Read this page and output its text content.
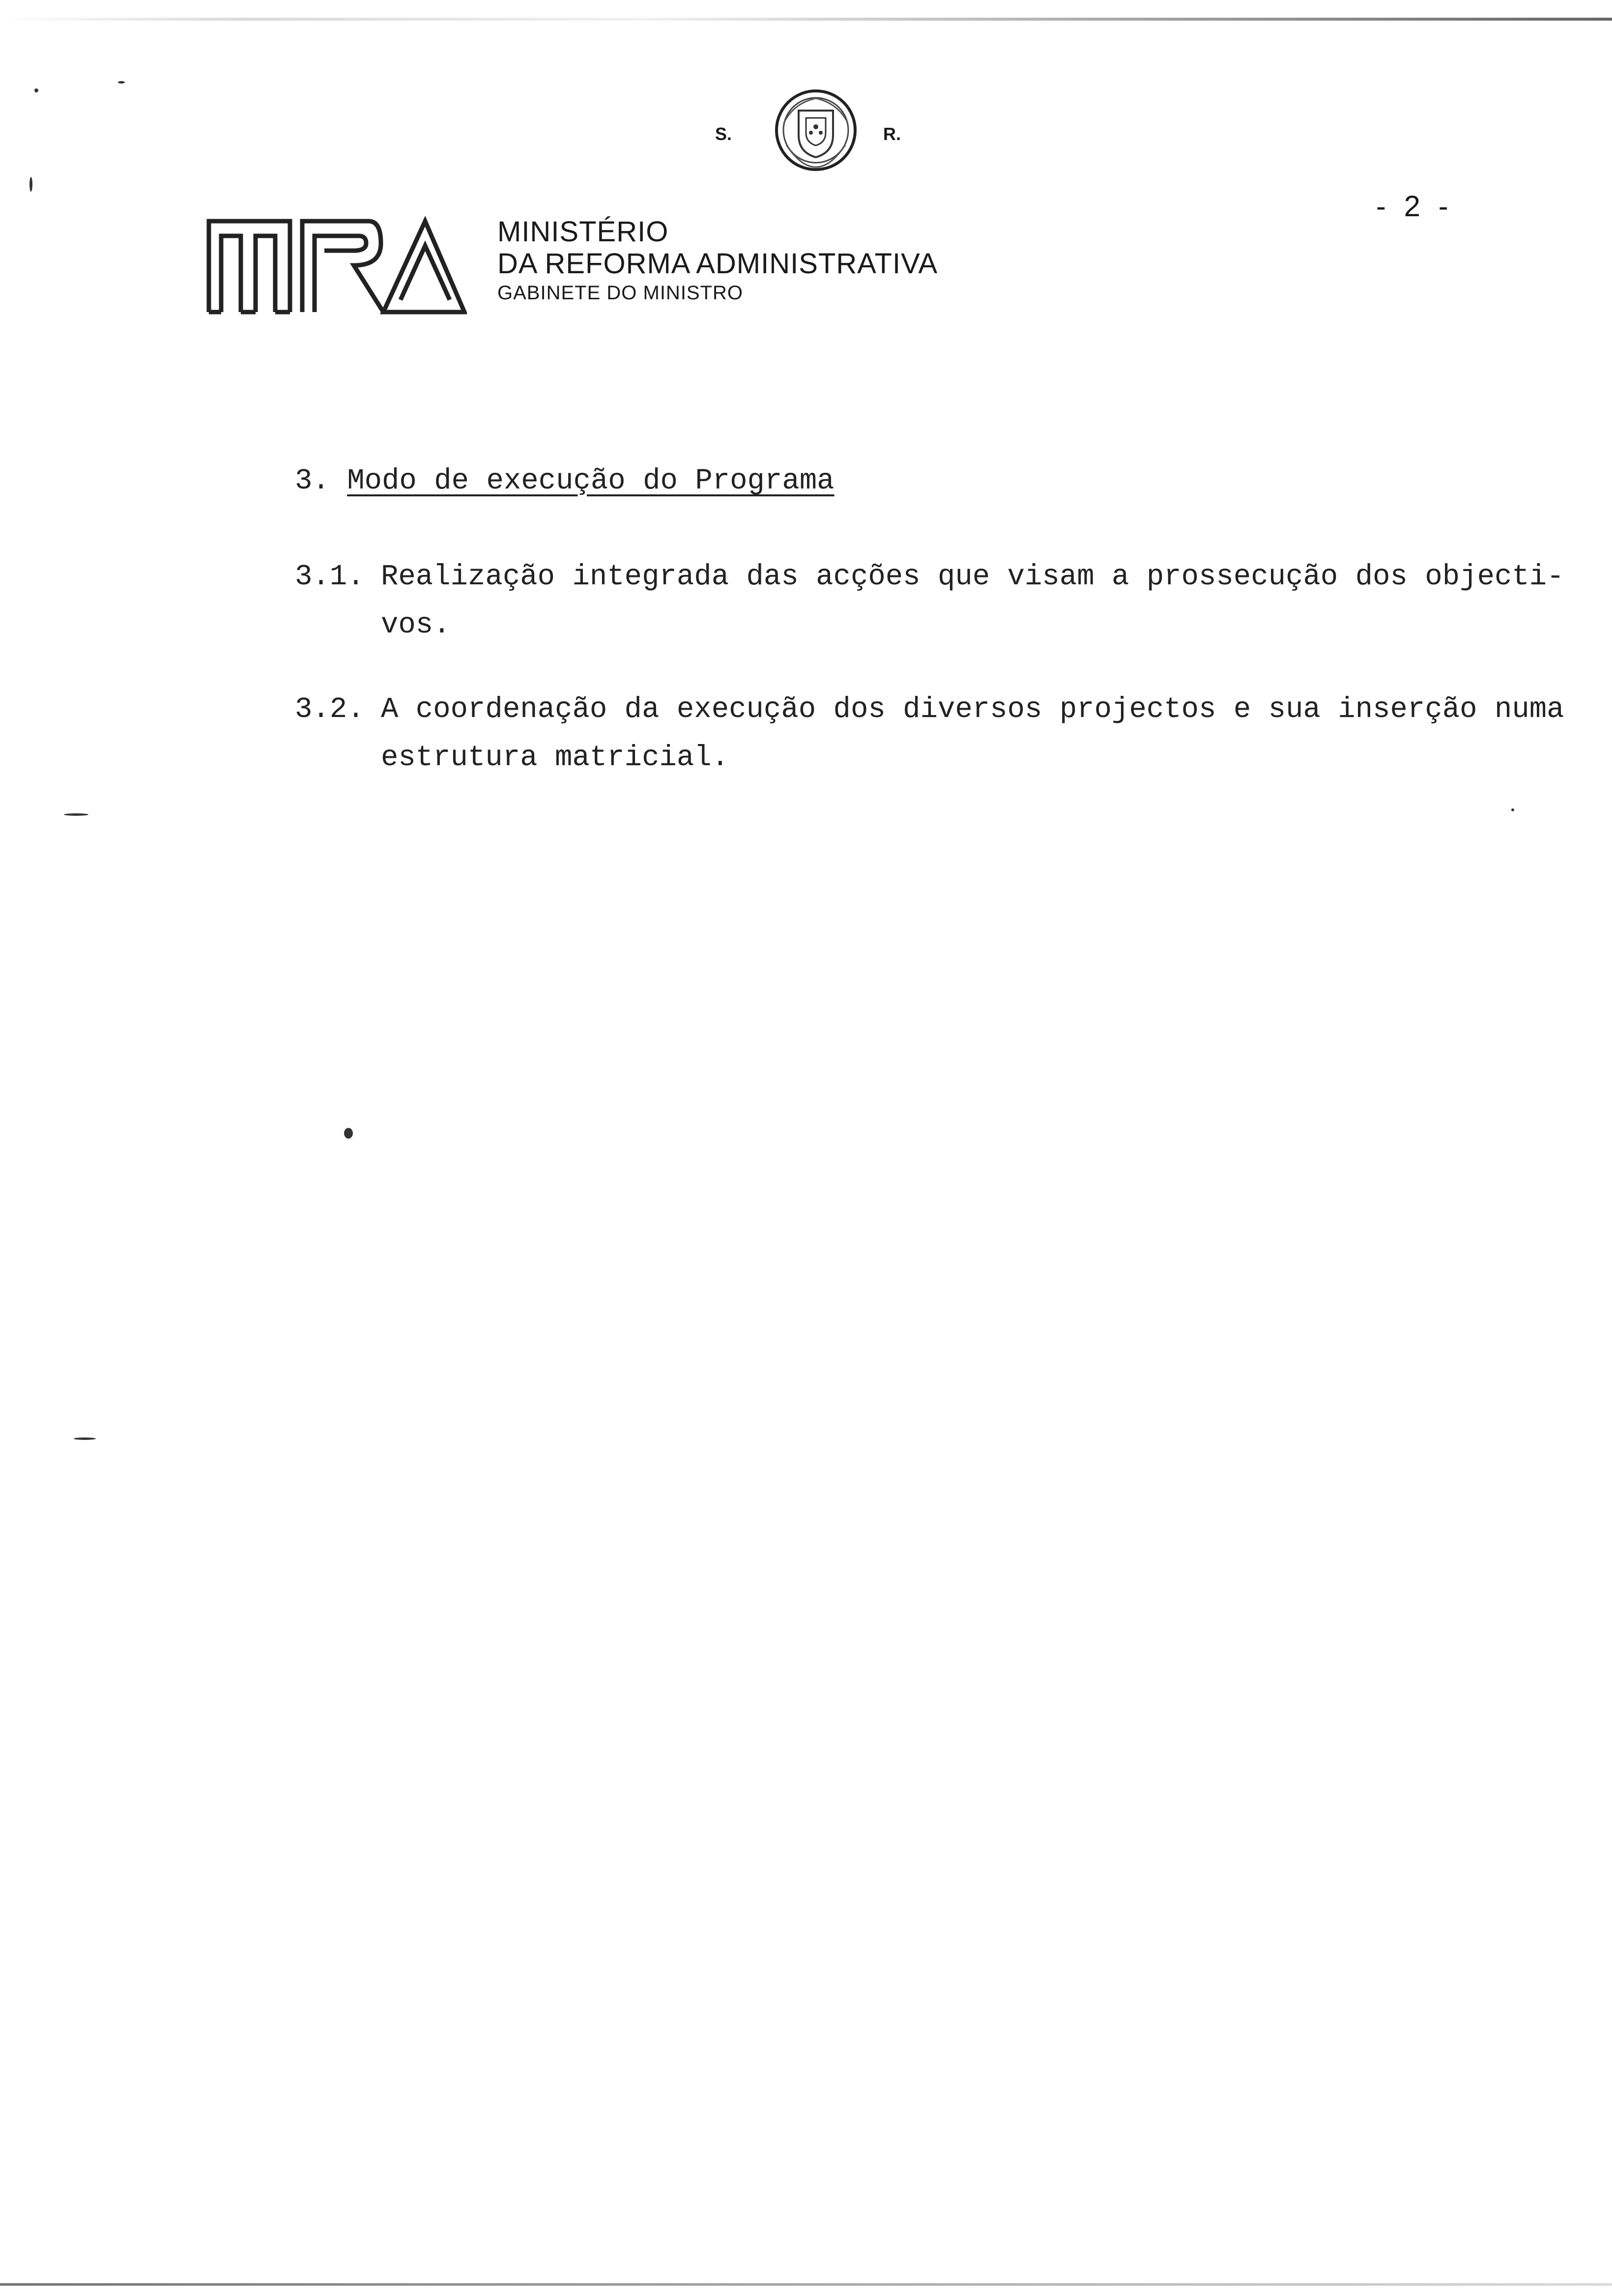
S.	R.
- 2 -
MINISTÉRIO
DA REFORMA ADMINISTRATIVA
GABINETE DO MINISTRO
3. Modo de execução do Programa
3.1. Realização integrada das acções que visam a prossecução dos objecti-
vos.
3.2. A coordenação da execução dos diversos projectos e sua inserção numa
estrutura matricial.
